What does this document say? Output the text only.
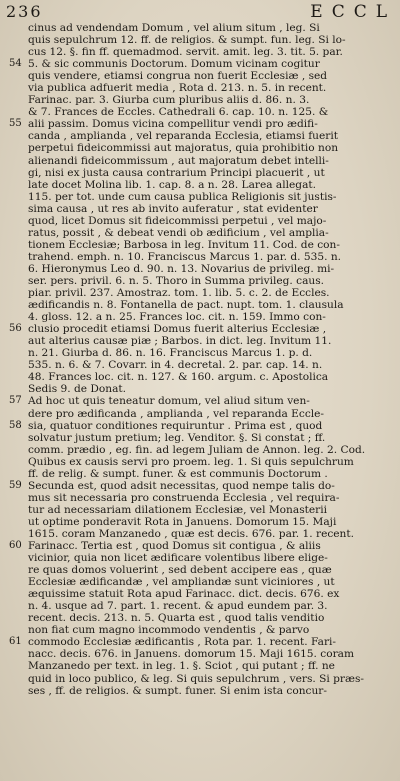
236	ECCL
cinus ad vendendam Domum , vel alium situm , leg. Si
quis sepulchrum 12. ff. de religios. & sumpt. fun. leg. Si lo-
cus 12. §. fin ff. quemadmod. servit. amit. leg. 3. tit. 5. par.
54 5. & sic communis Doctorum. Domum vicinam cogitur
quis vendere, etiamsi congrua non fuerit Ecclesiæ , sed
via publica adfuerit media , Rota d. 213. n. 5. in recent.
Farinac. par. 3. Giurba cum pluribus aliis d. 86. n. 3.
& 7. Frances de Eccles. Cathedrali 6. cap. 10. n. 125. &
55 alii passim. Domus vicina compellitur vendi pro ædifi-
canda , amplianda , vel reparanda Ecclesia, etiamsi fuerit
perpetui fideicommissi aut majoratus, quia prohibitio non
alienandi fideicommissum , aut majoratum debet intelli-
gi, nisi ex justa causa contrarium Principi placuerit , ut
late docet Molina lib. 1. cap. 8. a n. 28. Larea allegat.
115. per tot. unde cum causa publica Religionis sit justis-
sima causa , ut res ab invito auferatur , stat evidenter
quod, licet Domus sit fideicommissi perpetui , vel majo-
ratus, possit , & debeat vendi ob ædificium , vel amplia-
tionem Ecclesiæ; Barbosa in leg. Invitum 11. Cod. de con-
trahend. emph. n. 10. Franciscus Marcus 1. par. d. 535. n.
6. Hieronymus Leo d. 90. n. 13. Novarius de privileg. mi-
ser. pers. privil. 6. n. 5. Thoro in Summa privileg. caus.
piar. privil. 237. Amostraz. tom. 1. lib. 5. c. 2. de Eccles.
ædificandis n. 8. Fontanella de pact. nupt. tom. 1. clausula
4. gloss. 12. a n. 25. Frances loc. cit. n. 159. Immo con-
56 clusio procedit etiamsi Domus fuerit alterius Ecclesiæ ,
aut alterius causæ piæ ; Barbos. in dict. leg. Invitum 11.
n. 21. Giurba d. 86. n. 16. Franciscus Marcus 1. p. d.
535. n. 6. & 7. Covarr. in 4. decretal. 2. par. cap. 14. n.
48. Frances loc. cit. n. 127. & 160. argum. c. Apostolica
Sedis 9. de Donat.
57 Ad hoc ut quis teneatur domum, vel aliud situm ven-
dere pro ædificanda , amplianda , vel reparanda Eccle-
58 sia, quatuor conditiones requiruntur . Prima est , quod
solvatur justum pretium; leg. Venditor. §. Si constat ; ff.
comm. prædio , eg. fin. ad legem Juliam de Annon. leg. 2. Cod.
Quibus ex causis servi pro proem. leg. 1. Si quis sepulchrum
ff. de relig. & sumpt. funer. & est communis Doctorum .
59 Secunda est, quod adsit necessitas, quod nempe talis do-
mus sit necessaria pro construenda Ecclesia , vel requira-
tur ad necessariam dilationem Ecclesiæ, vel Monasterii
ut optime ponderavit Rota in Januens. Domorum 15. Maji
1615. coram Manzanedo , quæ est decis. 676. par. 1. recent.
60 Farinacc. Tertia est , quod Domus sit contigua , & aliis
vicinior, quia non licet ædificare volentibus libere elige-
re quas domos voluerint , sed debent accipere eas , quæ
Ecclesiæ ædificandæ , vel ampliandæ sunt viciniores , ut
æquissime statuit Rota apud Farinacc. dict. decis. 676. ex
n. 4. usque ad 7. part. 1. recent. & apud eundem par. 3.
recent. decis. 213. n. 5. Quarta est , quod talis venditio
non fiat cum magno incommodo vendentis , & parvo
61 commodo Ecclesiæ ædificantis , Rota par. 1. recent. Fari-
nacc. decis. 676. in Januens. domorum 15. Maji 1615. coram
Manzanedo per text. in leg. 1. §. Sciot , qui putant ; ff. ne
quid in loco publico, & leg. Si quis sepulchrum , vers. Si præs-
ses , ff. de religios. & sumpt. funer. Si enim ista concur-
